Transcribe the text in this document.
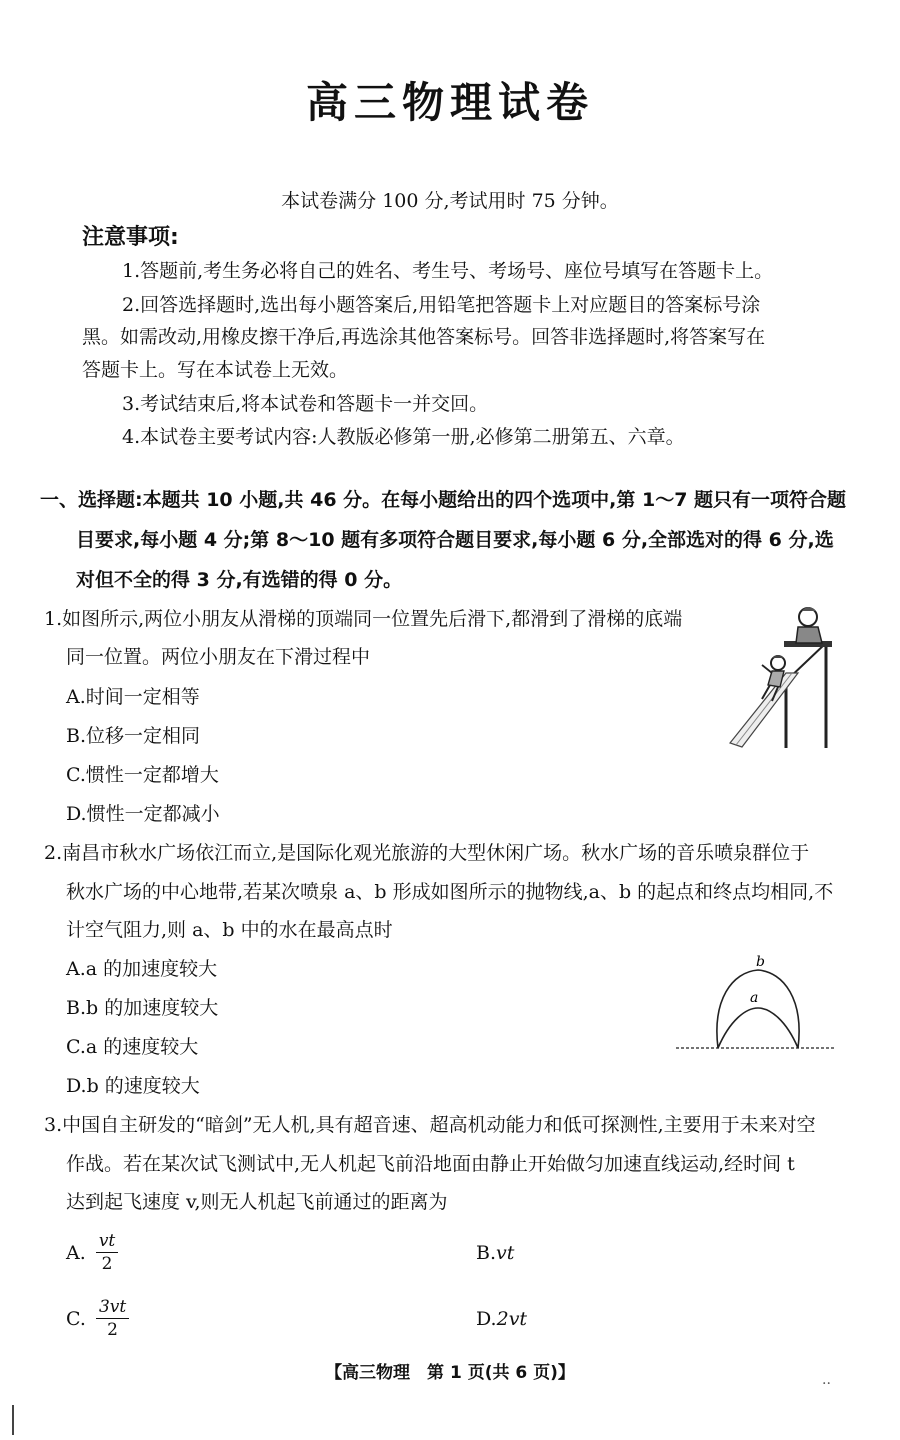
高三物理试卷
本试卷满分 100 分,考试用时 75 分钟。
注意事项:
1.答题前,考生务必将自己的姓名、考生号、考场号、座位号填写在答题卡上。
2.回答选择题时,选出每小题答案后,用铅笔把答题卡上对应题目的答案标号涂
黑。如需改动,用橡皮擦干净后,再选涂其他答案标号。回答非选择题时,将答案写在
答题卡上。写在本试卷上无效。
3.考试结束后,将本试卷和答题卡一并交回。
4.本试卷主要考试内容:人教版必修第一册,必修第二册第五、六章。
一、选择题:本题共 10 小题,共 46 分。在每小题给出的四个选项中,第 1～7 题只有一项符合题
目要求,每小题 4 分;第 8～10 题有多项符合题目要求,每小题 6 分,全部选对的得 6 分,选
对但不全的得 3 分,有选错的得 0 分。
1.如图所示,两位小朋友从滑梯的顶端同一位置先后滑下,都滑到了滑梯的底端
同一位置。两位小朋友在下滑过程中
A.时间一定相等
B.位移一定相同
C.惯性一定都增大
D.惯性一定都减小
2.南昌市秋水广场依江而立,是国际化观光旅游的大型休闲广场。秋水广场的音乐喷泉群位于
秋水广场的中心地带,若某次喷泉 a、b 形成如图所示的抛物线,a、b 的起点和终点均相同,不
计空气阻力,则 a、b 中的水在最高点时
A.a 的加速度较大
B.b 的加速度较大
C.a 的速度较大
D.b 的速度较大
b
a
3.中国自主研发的“暗剑”无人机,具有超音速、超高机动能力和低可探测性,主要用于未来对空
作战。若在某次试飞测试中,无人机起飞前沿地面由静止开始做匀加速直线运动,经时间 t
达到起飞速度 v,则无人机起飞前通过的距离为
A. $\frac{vt}{2}$	B.vt
C. $\frac{3vt}{2}$	D.2vt
【高三物理　第 1 页(共 6 页)】	..
